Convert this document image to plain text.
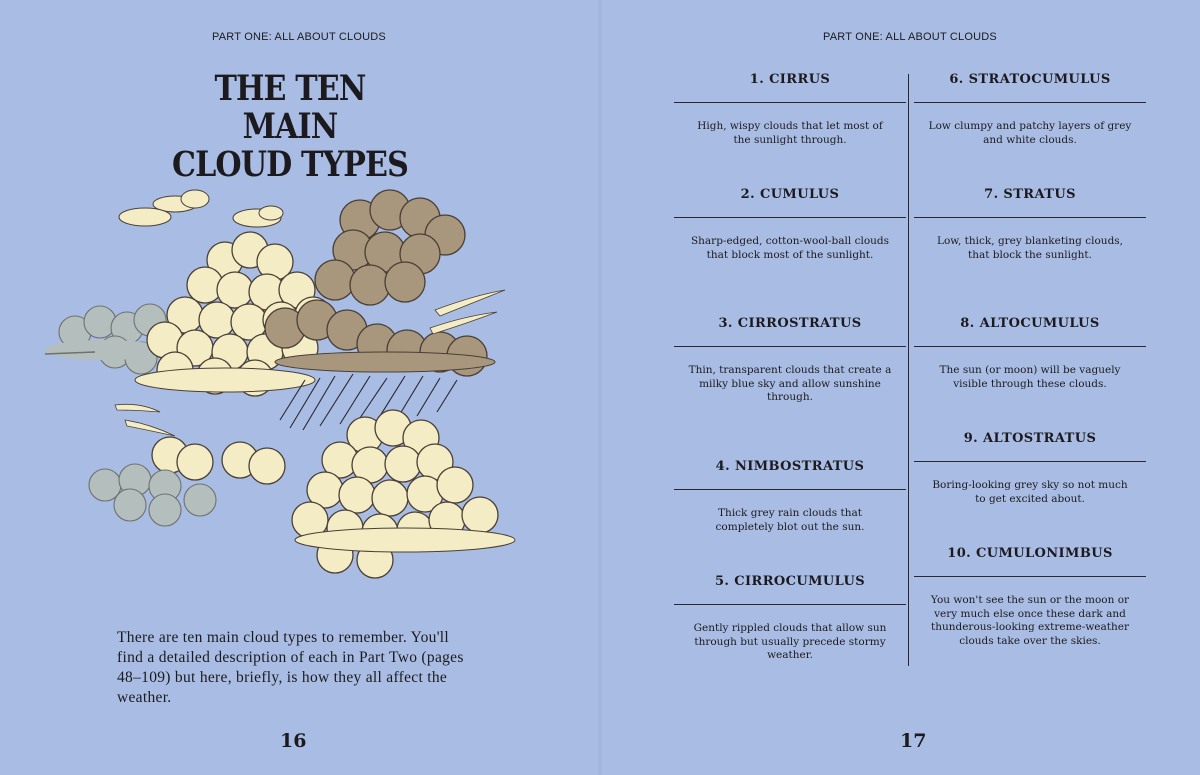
PART ONE: ALL ABOUT CLOUDS
THE TEN MAIN
CLOUD TYPES

There are ten main cloud types to remember. You'll find a detailed description of each in Part Two (pages 48–109) but here, briefly, is how they all affect the weather.

16
PART ONE: ALL ABOUT CLOUDS
1. CIRRUS
High, wispy clouds that let most of the sunlight through.
2. CUMULUS
Sharp-edged, cotton-wool-ball clouds that block most of the sunlight.
3. CIRROSTRATUS
Thin, transparent clouds that create a milky blue sky and allow sunshine through.
4. NIMBOSTRATUS
Thick grey rain clouds that completely blot out the sun.
5. CIRROCUMULUS
Gently rippled clouds that allow sun through but usually precede stormy weather.
6. STRATOCUMULUS
Low clumpy and patchy layers of grey and white clouds.
7. STRATUS
Low, thick, grey blanketing clouds, that block the sunlight.
8. ALTOCUMULUS
The sun (or moon) will be vaguely visible through these clouds.
9. ALTOSTRATUS
Boring-looking grey sky so not much to get excited about.
10. CUMULONIMBUS
You won't see the sun or the moon or very much else once these dark and thunderous-looking extreme-weather clouds take over the skies.
17
